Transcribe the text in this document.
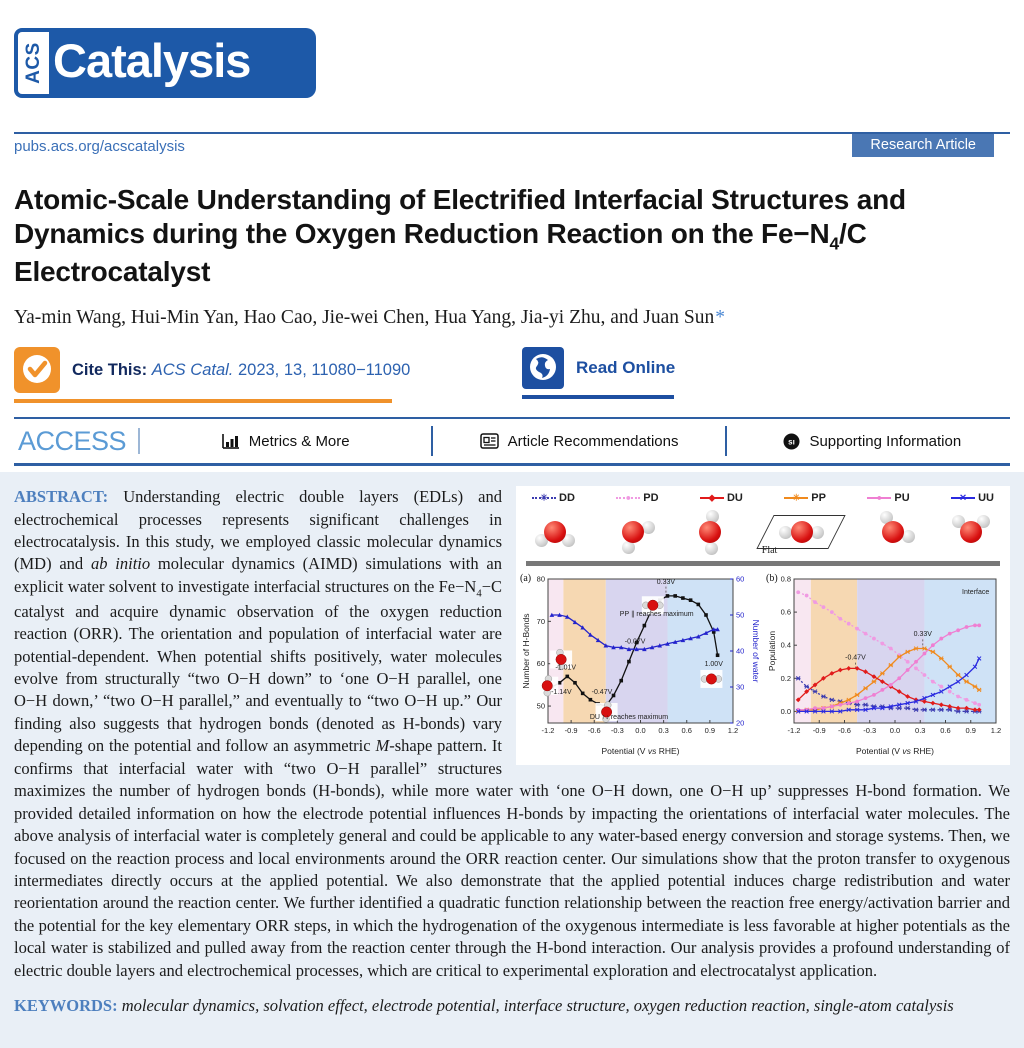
ACS Catalysis
pubs.acs.org/acscatalysis	Research Article
Atomic-Scale Understanding of Electrified Interfacial Structures and Dynamics during the Oxygen Reduction Reaction on the $Fe-N_4/C$ Electrocatalyst
Ya-min Wang, Hui-Min Yan, Hao Cao, Jie-wei Chen, Hua Yang, Jia-yi Zhu, and Juan Sun*
Cite This: ACS Catal. 2023, 13, 11080−11090	Read Online
ACCESS	Metrics & More	Article Recommendations	sı Supporting Information
✳ DD	● PD	◆ DU	✳ PP	● PU	✕ UU
Flat
-1.2 -0.9 -0.6 -0.3 0.0 0.3 0.6 0.9 1.2
50
60
70
80
20
30
40
50
60
Number of H-Bonds	Number of water
Potential (V vs RHE)
0.33V
PP ∥ reaches maximum
-0.07V
-1.01V
-1.14V	-0.47V
DU ↑↓ reaches maximum
1.00V
(a)
-1.2 -0.9 -0.6 -0.3 0.0 0.3 0.6 0.9 1.2
0.0
0.2
0.4
0.6
0.8
Population
Potential (V vs RHE)
-0.47V
0.33V
Interface
(b)

ABSTRACT: Understanding electric double layers (EDLs) and electrochemical processes represents significant challenges in electrocatalysis. In this study, we employed classic molecular dynamics (MD) and ab initio molecular dynamics (AIMD) simulations with an explicit water solvent to investigate interfacial structures on the $Fe-N_4-C$ catalyst and acquire dynamic observation of the oxygen reduction reaction (ORR). The orientation and population of interfacial water are potential-dependent. When potential shifts positively, water molecules evolve from structurally “two O−H down” to ‘one O−H parallel, one O−H down,’ “two O−H parallel,” and eventually to “two O−H up.” Our finding also suggests that hydrogen bonds (denoted as H-bonds) vary depending on the potential and follow an asymmetric M-shape pattern. It confirms that interfacial water with “two O−H parallel” structures maximizes the number of hydrogen bonds (H-bonds), while more water with ‘one O−H down, one O−H up’ suppresses H-bond formation. We provided detailed information on how the electrode potential influences H-bonds by impacting the orientations of interfacial water molecules. The above analysis of interfacial water is completely general and could be applicable to any water-based energy conversion and storage systems. Then, we focused on the reaction process and local environments around the ORR reaction center. Our simulations show that the proton transfer to oxygenous intermediates directly occurs at the applied potential. We also demonstrate that the applied potential induces charge redistribution and water reorientation around the reaction center. We further identified a quadratic function relationship between the reaction free energy/activation barrier and the potential for the key elementary ORR steps, in which the hydrogenation of the oxygenous intermediate is less favorable at higher potentials as the local water is stabilized and pulled away from the reaction center through the H-bond interaction. Our analysis provides a profound understanding of electric double layers and electrochemical processes, which are critical to experimental exploration and electrocatalyst application.

KEYWORDS: molecular dynamics, solvation effect, electrode potential, interface structure, oxygen reduction reaction, single-atom catalysis
